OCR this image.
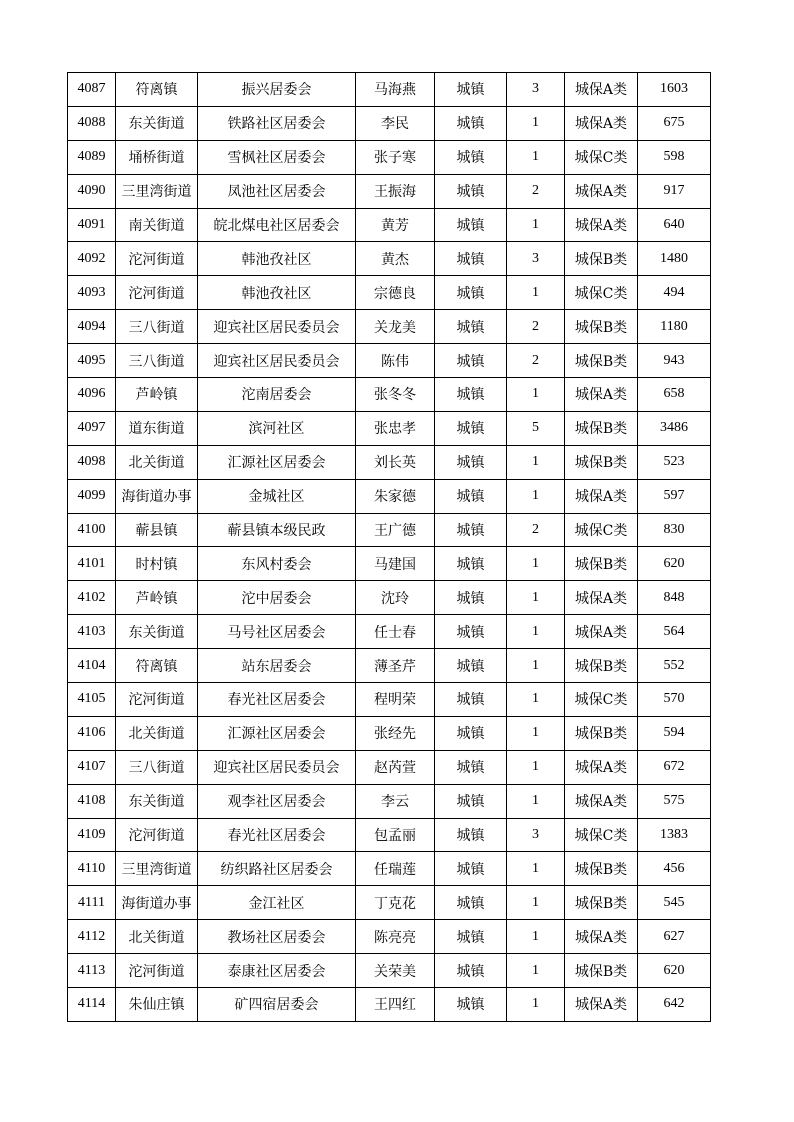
4087	符离镇	振兴居委会	马海燕	城镇	3	城保A类	1603
4088	东关街道	铁路社区居委会	李民	城镇	1	城保A类	675
4089	埇桥街道	雪枫社区居委会	张子寒	城镇	1	城保C类	598
4090	三里湾街道	凤池社区居委会	王振海	城镇	2	城保A类	917
4091	南关街道	皖北煤电社区居委会	黄芳	城镇	1	城保A类	640
4092	沱河街道	韩池孜社区	黄杰	城镇	3	城保B类	1480
4093	沱河街道	韩池孜社区	宗德良	城镇	1	城保C类	494
4094	三八街道	迎宾社区居民委员会	关龙美	城镇	2	城保B类	1180
4095	三八街道	迎宾社区居民委员会	陈伟	城镇	2	城保B类	943
4096	芦岭镇	沱南居委会	张冬冬	城镇	1	城保A类	658
4097	道东街道	滨河社区	张忠孝	城镇	5	城保B类	3486
4098	北关街道	汇源社区居委会	刘长英	城镇	1	城保B类	523
4099	海街道办事	金城社区	朱家德	城镇	1	城保A类	597
4100	蕲县镇	蕲县镇本级民政	王广德	城镇	2	城保C类	830
4101	时村镇	东风村委会	马建国	城镇	1	城保B类	620
4102	芦岭镇	沱中居委会	沈玲	城镇	1	城保A类	848
4103	东关街道	马号社区居委会	任士春	城镇	1	城保A类	564
4104	符离镇	站东居委会	薄圣芹	城镇	1	城保B类	552
4105	沱河街道	春光社区居委会	程明荣	城镇	1	城保C类	570
4106	北关街道	汇源社区居委会	张经先	城镇	1	城保B类	594
4107	三八街道	迎宾社区居民委员会	赵芮萱	城镇	1	城保A类	672
4108	东关街道	观李社区居委会	李云	城镇	1	城保A类	575
4109	沱河街道	春光社区居委会	包孟丽	城镇	3	城保C类	1383
4110	三里湾街道	纺织路社区居委会	任瑞莲	城镇	1	城保B类	456
4111	海街道办事	金江社区	丁克花	城镇	1	城保B类	545
4112	北关街道	教场社区居委会	陈亮亮	城镇	1	城保A类	627
4113	沱河街道	泰康社区居委会	关荣美	城镇	1	城保B类	620
4114	朱仙庄镇	矿四宿居委会	王四红	城镇	1	城保A类	642
